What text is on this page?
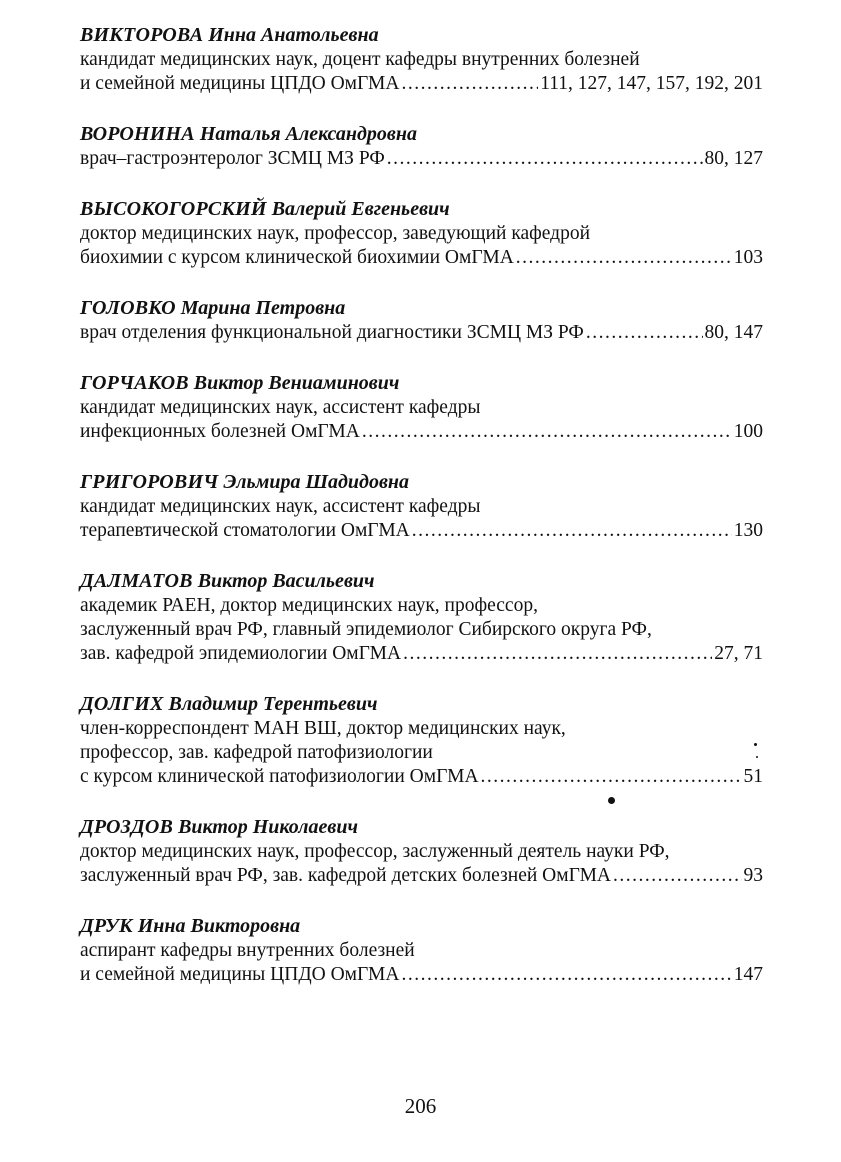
ВИКТОРОВА Инна Анатольевна
кандидат медицинских наук, доцент кафедры внутренних болезней
и семейной медицины ЦПДО ОмГМА .....	111, 127, 147, 157, 192, 201
ВОРОНИНА Наталья Александровна
врач–гастроэнтеролог ЗСМЦ МЗ РФ .....	80, 127
ВЫСОКОГОРСКИЙ Валерий Евгеньевич
доктор медицинских наук, профессор, заведующий кафедрой
биохимии с курсом клинической биохимии ОмГМА .....	103
ГОЛОВКО Марина Петровна
врач отделения функциональной диагностики ЗСМЦ МЗ РФ .....	80, 147
ГОРЧАКОВ Виктор Вениаминович
кандидат медицинских наук, ассистент кафедры
инфекционных болезней ОмГМА .....	100
ГРИГОРОВИЧ Эльмира Шадидовна
кандидат медицинских наук, ассистент кафедры
терапевтической стоматологии ОмГМА .....	130
ДАЛМАТОВ Виктор Васильевич
академик РАЕН, доктор медицинских наук, профессор,
заслуженный врач РФ, главный эпидемиолог Сибирского округа РФ,
зав. кафедрой эпидемиологии ОмГМА .....	27, 71
ДОЛГИХ Владимир Терентьевич
член-корреспондент МАН ВШ, доктор медицинских наук,
профессор, зав. кафедрой патофизиологии
с курсом клинической патофизиологии ОмГМА .....	51
ДРОЗДОВ Виктор Николаевич
доктор медицинских наук, профессор, заслуженный деятель науки РФ,
заслуженный врач РФ, зав. кафедрой детских болезней ОмГМА .....	93
ДРУК Инна Викторовна
аспирант кафедры внутренних болезней
и семейной медицины ЦПДО ОмГМА .....	147
206
